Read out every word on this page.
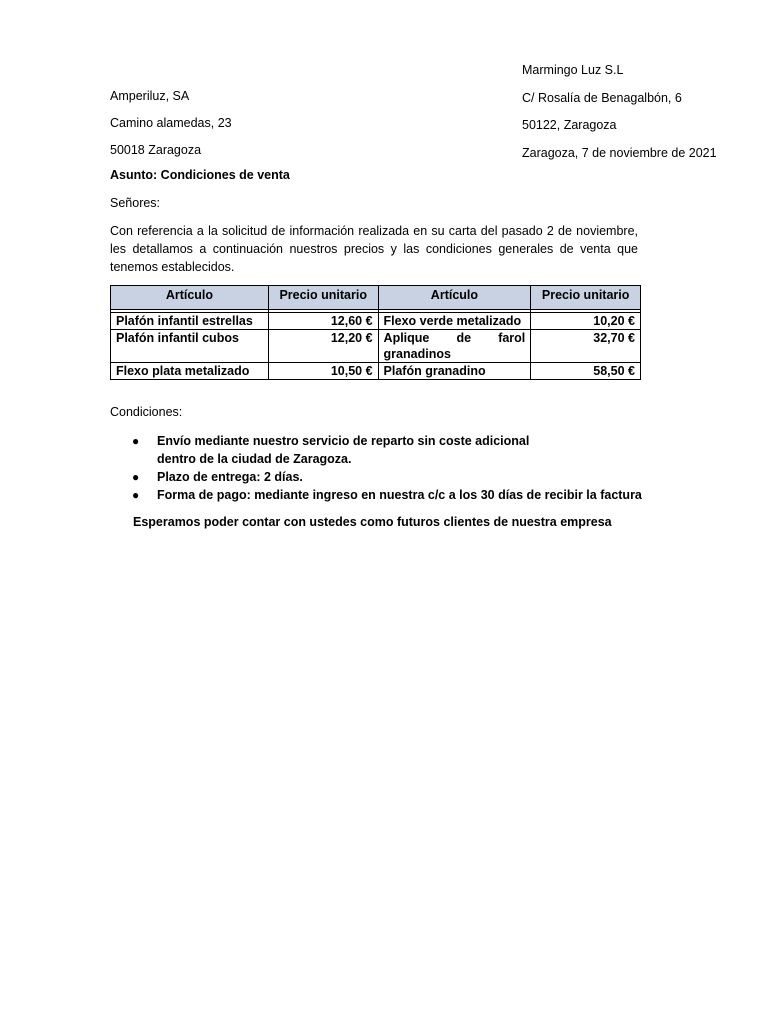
Marmingo Luz S.L
C/ Rosalía de Benagalbón, 6
50122, Zaragoza
Zaragoza, 7 de noviembre de 2021
Amperiluz, SA
Camino alamedas, 23
50018 Zaragoza
Asunto: Condiciones de venta
Señores:
Con referencia a la solicitud de información realizada en su carta del pasado 2 de noviembre, les detallamos a continuación nuestros precios y las condiciones generales de venta que tenemos establecidos.
Artículo	Precio unitario	Artículo	Precio unitario

Plafón infantil estrellas	12,60 €	Flexo verde metalizado	10,20 €
Plafón infantil cubos	12,20 €	Aplique de farol granadinos	32,70 €
Flexo plata metalizado	10,50 €	Plafón granadino	58,50 €
Condiciones:
● Envío mediante nuestro servicio de reparto sin coste adicional dentro de la ciudad de Zaragoza.
● Plazo de entrega: 2 días.
● Forma de pago: mediante ingreso en nuestra c/c a los 30 días de recibir la factura
Esperamos poder contar con ustedes como futuros clientes de nuestra empresa
